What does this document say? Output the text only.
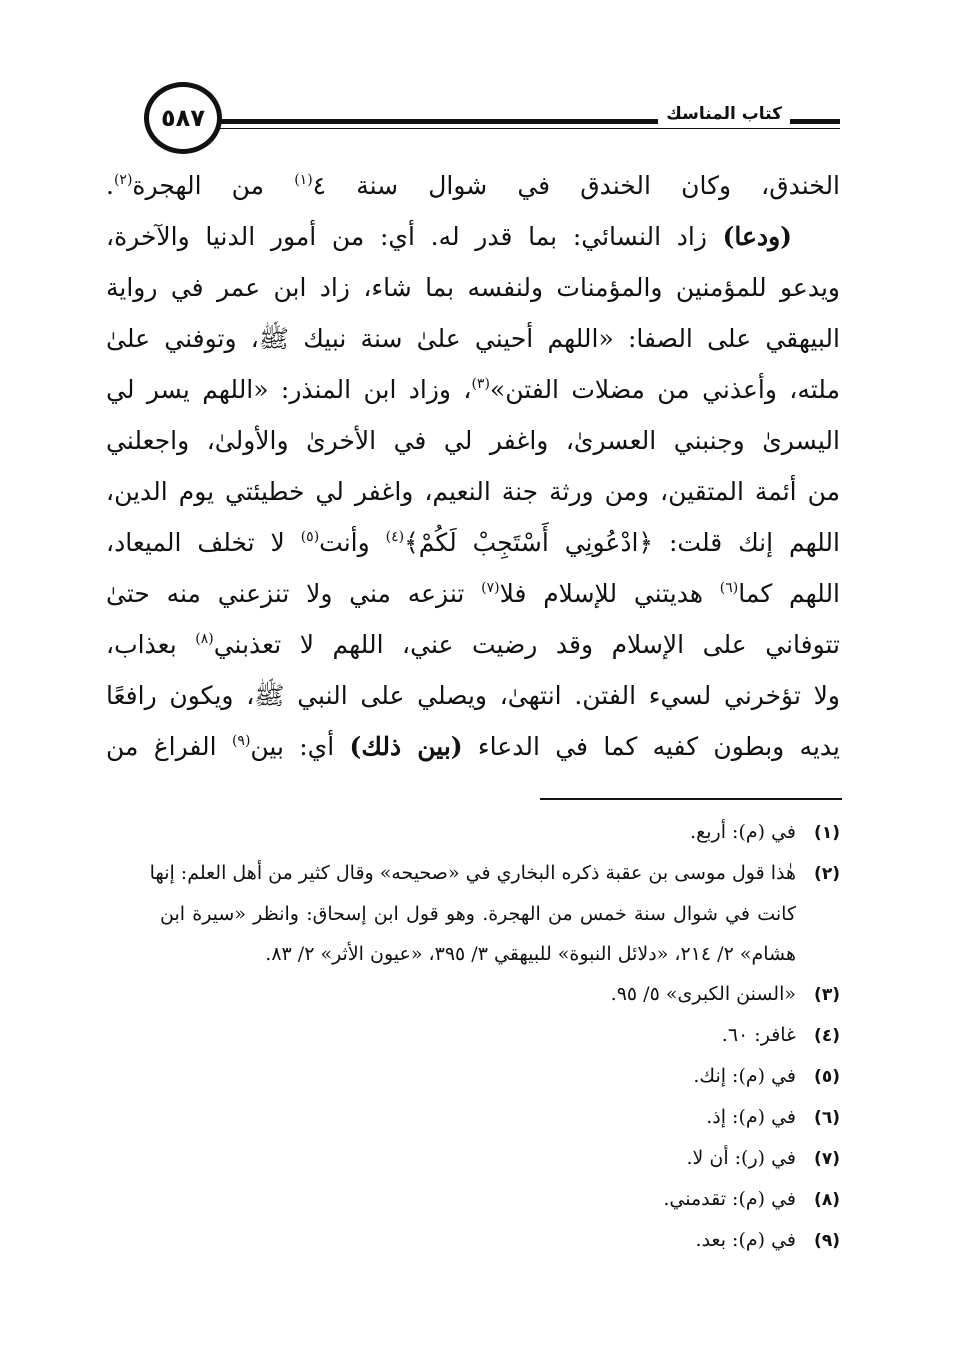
كتاب المناسك
٥٨٧
الخندق، وكان الخندق في شوال سنة ٤$^{(١)}$ من الهجرة$^{(٢)}$.
(ودعا) زاد النسائي: بما قدر له. أي: من أمور الدنيا والآخرة،
ويدعو للمؤمنين والمؤمنات ولنفسه بما شاء، زاد ابن عمر في رواية
البيهقي على الصفا: «اللهم أحيني علىٰ سنة نبيك ﷺ، وتوفني علىٰ
ملته، وأعذني من مضلات الفتن»$^{(٣)}$، وزاد ابن المنذر: «اللهم يسر لي
اليسرىٰ وجنبني العسرىٰ، واغفر لي في الأخرىٰ والأولىٰ، واجعلني
من أئمة المتقين، ومن ورثة جنة النعيم، واغفر لي خطيئتي يوم الدين،
اللهم إنك قلت: ﴿ادْعُونِي أَسْتَجِبْ لَكُمْ﴾$^{(٤)}$ وأنت$^{(٥)}$ لا تخلف الميعاد،
اللهم كما$^{(٦)}$ هديتني للإسلام فلا$^{(٧)}$ تنزعه مني ولا تنزعني منه حتىٰ
تتوفاني على الإسلام وقد رضيت عني، اللهم لا تعذبني$^{(٨)}$ بعذاب،
ولا تؤخرني لسيء الفتن. انتهىٰ، ويصلي على النبي ﷺ، ويكون رافعًا
يديه وبطون كفيه كما في الدعاء (بين ذلك) أي: بين$^{(٩)}$ الفراغ من
(١)في (م): أربع.
(٢)هٰذا قول موسى بن عقبة ذكره البخاري في «صحيحه» وقال كثير من أهل العلم: إنها
كانت في شوال سنة خمس من الهجرة. وهو قول ابن إسحاق: وانظر «سيرة ابن
هشام» ٢/ ٢١٤، «دلائل النبوة» للبيهقي ٣/ ٣٩٥، «عيون الأثر» ٢/ ٨٣.
(٣)«السنن الكبرى» ٥/ ٩٥.
(٤)غافر: ٦٠.
(٥)في (م): إنك.
(٦)في (م): إذ.
(٧)في (ر): أن لا.
(٨)في (م): تقدمني.
(٩)في (م): بعد.
